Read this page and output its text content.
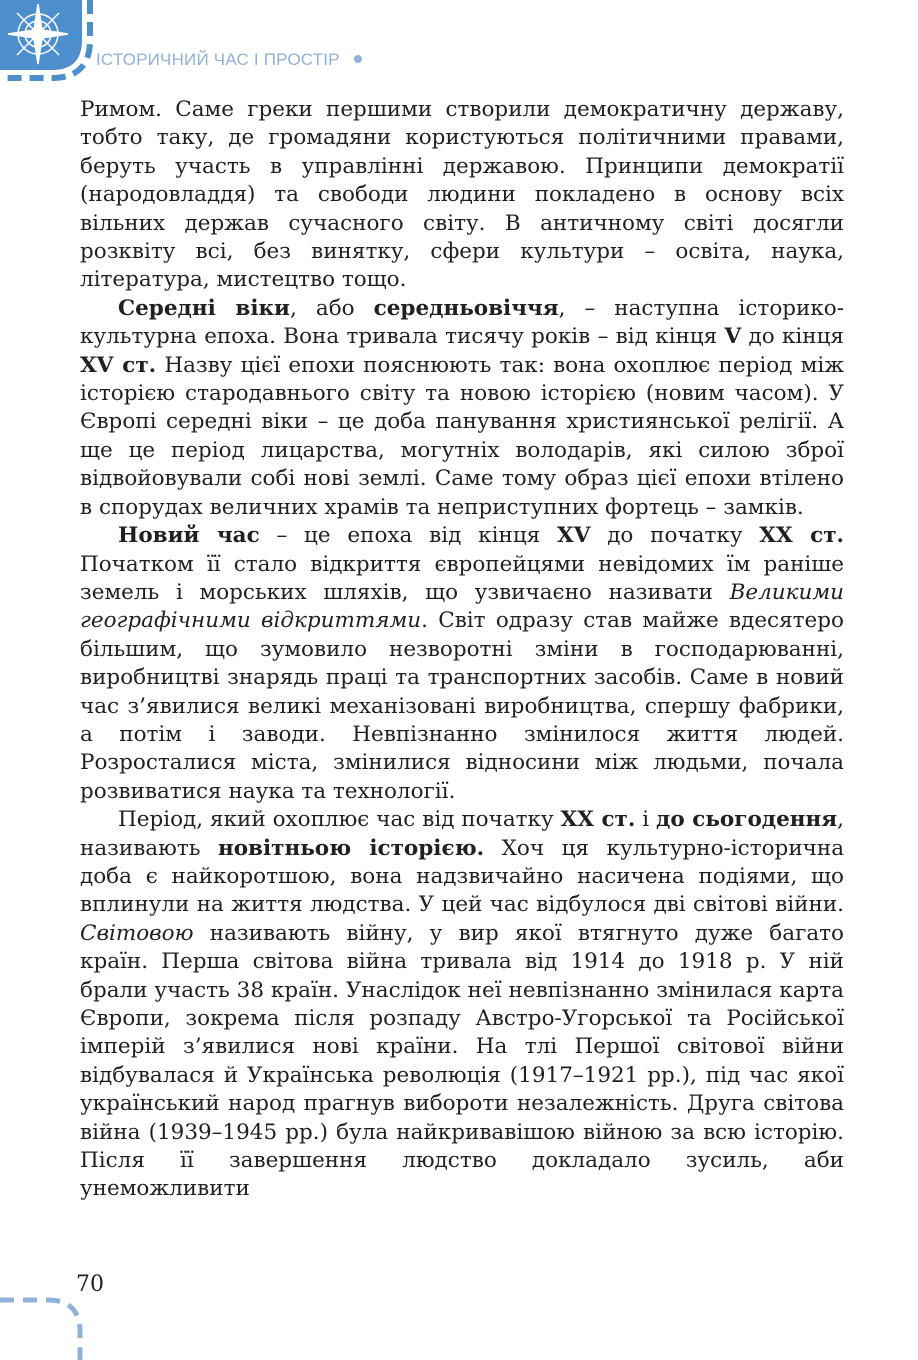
ІСТОРИЧНИЙ ЧАС І ПРОСТІР

Римом. Саме греки першими створили демократичну державу, тобто таку, де громадяни користуються політичними правами, беруть участь в управлінні державою. Принципи демократії (народовладдя) та свободи людини покладено в основу всіх вільних держав сучасного світу. В античному світі досягли розквіту всі, без винятку, сфери культури – освіта, наука, література, мистецтво тощо.

Середні віки, або середньовіччя, – наступна історико-культурна епоха. Вона тривала тисячу років – від кінця V до кінця XV ст. Назву цієї епохи пояснюють так: вона охоплює період між історією стародавнього світу та новою історією (новим часом). У Європі середні віки – це доба панування християнської релігії. А ще це період лицарства, могутніх володарів, які силою зброї відвойовували собі нові землі. Саме тому образ цієї епохи втілено в спорудах величних храмів та неприступних фортець – замків.

Новий час – це епоха від кінця XV до початку XX ст. Початком її стало відкриття європейцями невідомих їм раніше земель і морських шляхів, що узвичаєно називати Великими географічними відкриттями. Світ одразу став майже вдесятеро більшим, що зумовило незворотні зміни в господарюванні, виробництві знарядь праці та транспортних засобів. Саме в новий час з’явилися великі механізовані виробництва, спершу фабрики, а потім і заводи. Невпізнанно змінилося життя людей. Розросталися міста, змінилися відносини між людьми, почала розвиватися наука та технології.

Період, який охоплює час від початку XX ст. і до сьогодення, називають новітньою історією. Хоч ця культурно-історична доба є найкоротшою, вона надзвичайно насичена подіями, що вплинули на життя людства. У цей час відбулося дві світові війни. Світовою називають війну, у вир якої втягнуто дуже багато країн. Перша світова війна тривала від 1914 до 1918 р. У ній брали участь 38 країн. Унаслідок неї невпізнанно змінилася карта Європи, зокрема після розпаду Австро-Угорської та Російської імперій з’явилися нові країни. На тлі Першої світової війни відбувалася й Українська революція (1917–1921 рр.), під час якої український народ прагнув вибороти незалежність. Друга світова війна (1939–1945 рр.) була найкривавішою війною за всю історію. Після її завершення людство докладало зусиль, аби унеможливити

70
